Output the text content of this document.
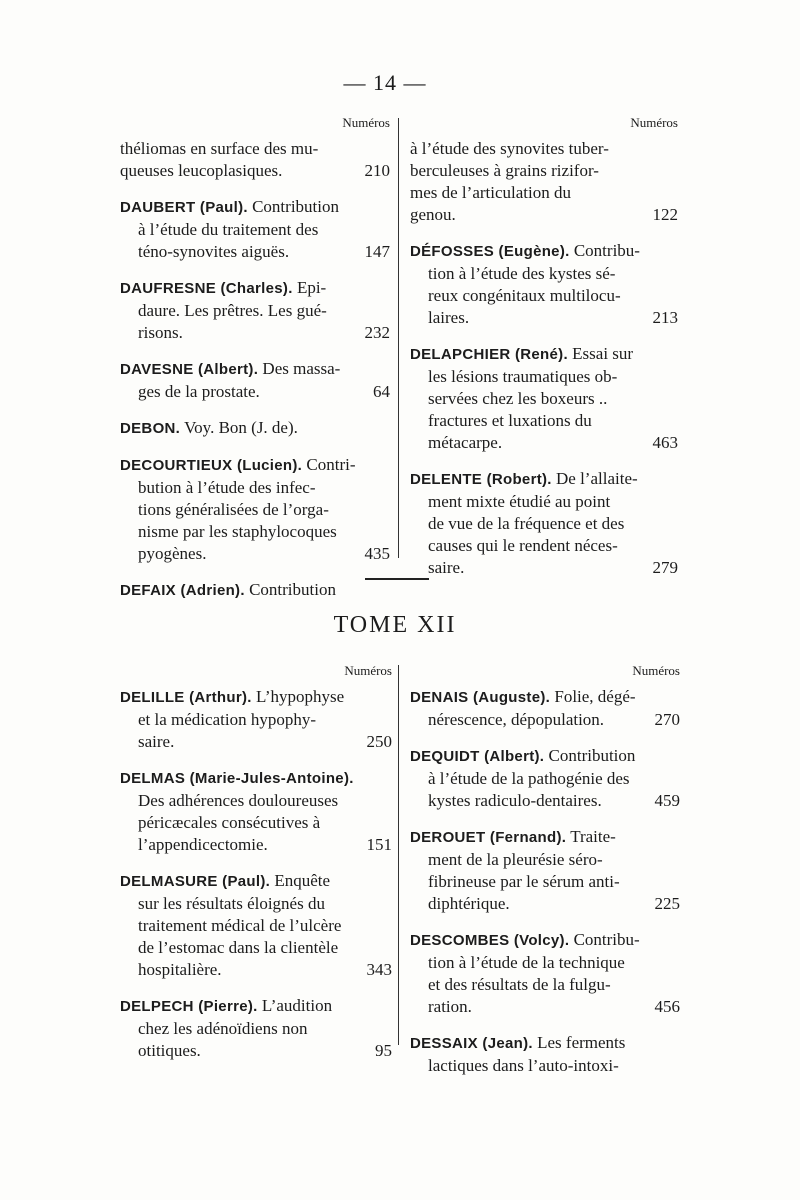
— 14 —
Numéros
théliomas en surface des mu-
queuses leucoplasiques.	210
DAUBERT (Paul). Contribution
à l’étude du traitement des
téno-synovites aiguës.	147
DAUFRESNE (Charles). Epi-
daure. Les prêtres. Les gué-
risons.	232
DAVESNE (Albert). Des massa-
ges de la prostate.	64
DEBON. Voy. Bon (J. de).
DECOURTIEUX (Lucien). Contri-
bution à l’étude des infec-
tions généralisées de l’orga-
nisme par les staphylocoques
pyogènes.	435
DEFAIX (Adrien). Contribution
Numéros
à l’étude des synovites tuber-
berculeuses à grains rizifor-
mes de l’articulation du
genou.	122
DÉFOSSES (Eugène). Contribu-
tion à l’étude des kystes sé-
reux congénitaux multilocu-
laires.	213
DELAPCHIER (René). Essai sur
les lésions traumatiques ob-
servées chez les boxeurs ..
fractures et luxations du
métacarpe.	463
DELENTE (Robert). De l’allaite-
ment mixte étudié au point
de vue de la fréquence et des
causes qui le rendent néces-
saire.	279
TOME XII
Numéros
DELILLE (Arthur). L’hypophyse
et la médication hypophy-
saire.	250
DELMAS (Marie-Jules-Antoine).
Des adhérences douloureuses
péricæcales consécutives à
l’appendicectomie.	151
DELMASURE (Paul). Enquête
sur les résultats éloignés du
traitement médical de l’ulcère
de l’estomac dans la clientèle
hospitalière.	343
DELPECH (Pierre). L’audition
chez les adénoïdiens non
otitiques.	95
Numéros
DENAIS (Auguste). Folie, dégé-
nérescence, dépopulation.	270
DEQUIDT (Albert). Contribution
à l’étude de la pathogénie des
kystes radiculo-dentaires.	459
DEROUET (Fernand). Traite-
ment de la pleurésie séro-
fibrineuse par le sérum anti-
diphtérique.	225
DESCOMBES (Volcy). Contribu-
tion à l’étude de la technique
et des résultats de la fulgu-
ration.	456
DESSAIX (Jean). Les ferments
lactiques dans l’auto-intoxi-
